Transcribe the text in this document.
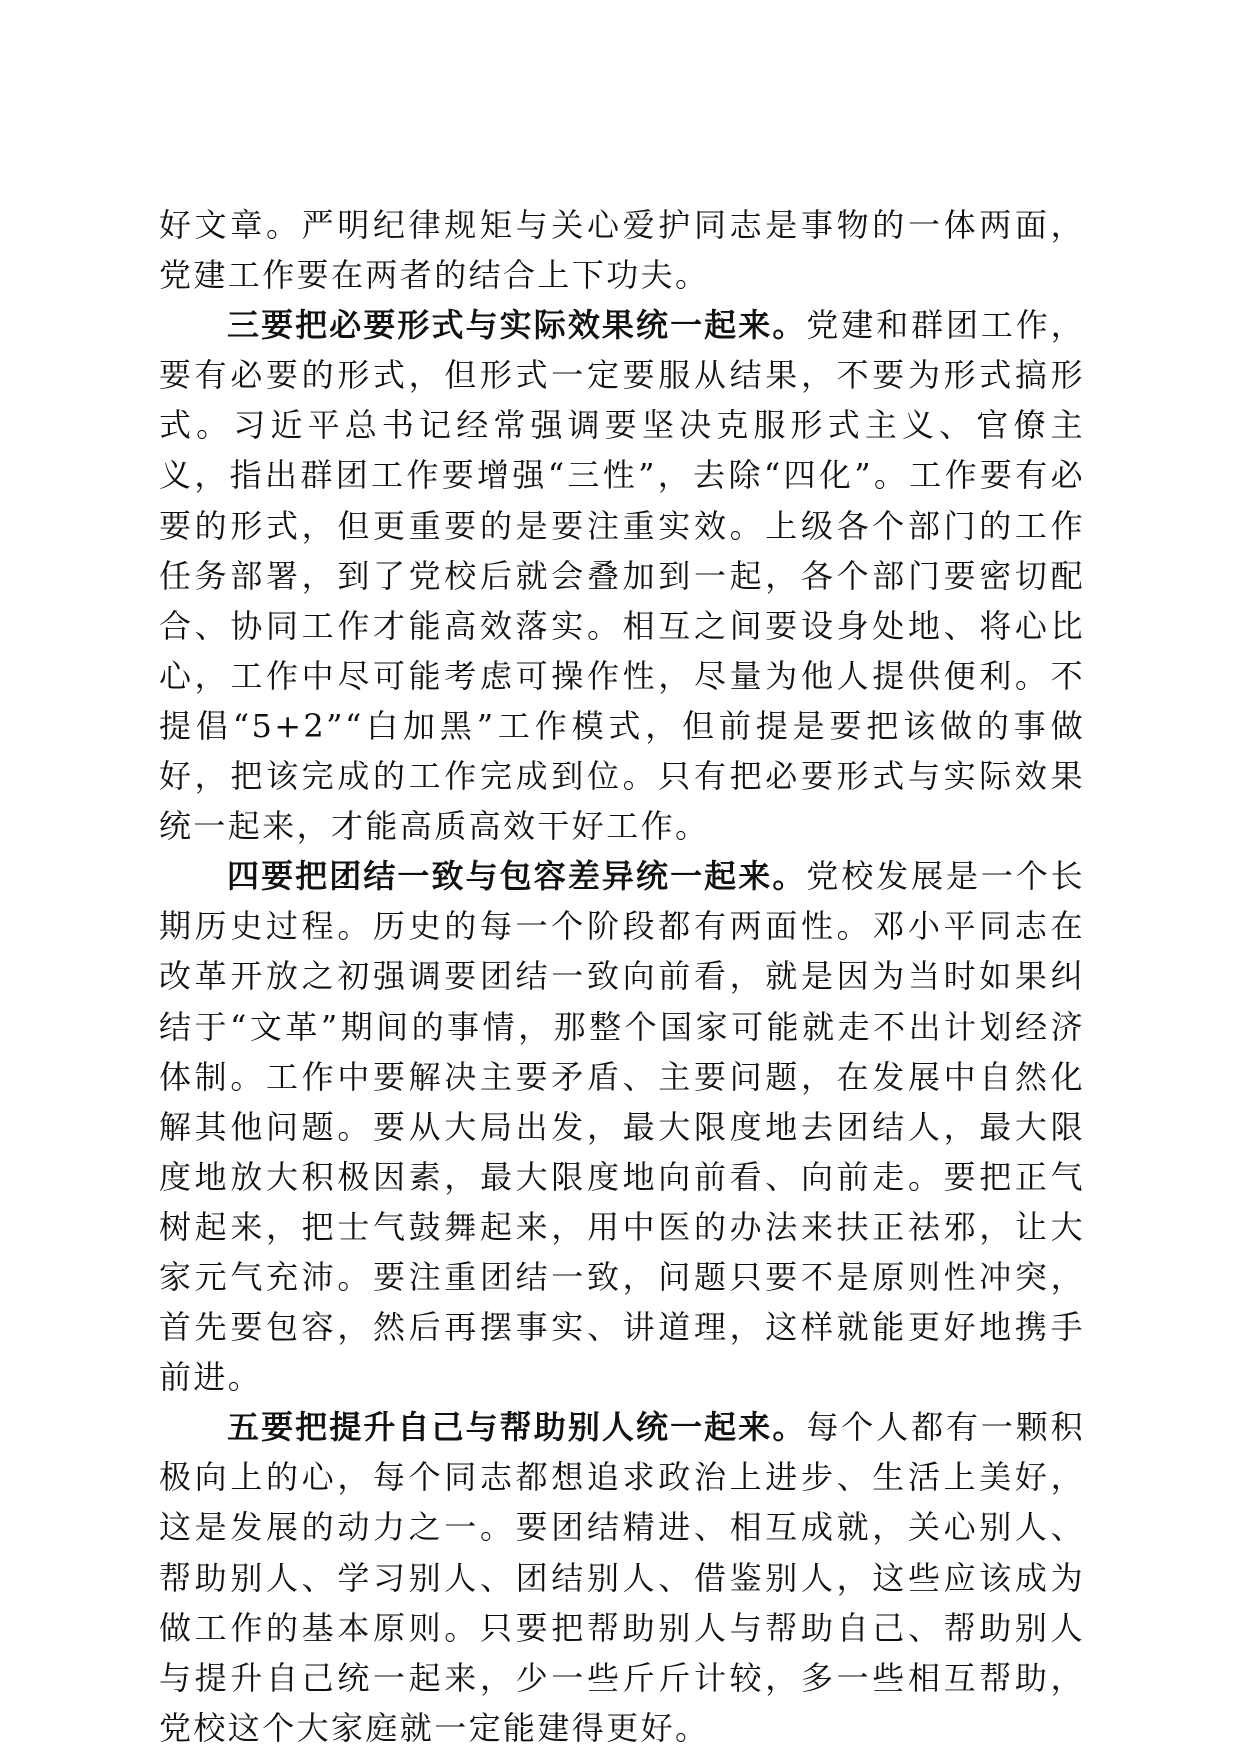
好文章。严明纪律规矩与关心爱护同志是事物的一体两面，党建工作要在两者的结合上下功夫。

三要把必要形式与实际效果统一起来。党建和群团工作，要有必要的形式，但形式一定要服从结果，不要为形式搞形式。习近平总书记经常强调要坚决克服形式主义、官僚主义，指出群团工作要增强“三性”，去除“四化”。工作要有必要的形式，但更重要的是要注重实效。上级各个部门的工作任务部署，到了党校后就会叠加到一起，各个部门要密切配合、协同工作才能高效落实。相互之间要设身处地、将心比心，工作中尽可能考虑可操作性，尽量为他人提供便利。不提倡“5+2”“白加黑”工作模式，但前提是要把该做的事做好，把该完成的工作完成到位。只有把必要形式与实际效果统一起来，才能高质高效干好工作。

四要把团结一致与包容差异统一起来。党校发展是一个长期历史过程。历史的每一个阶段都有两面性。邓小平同志在改革开放之初强调要团结一致向前看，就是因为当时如果纠结于“文革”期间的事情，那整个国家可能就走不出计划经济体制。工作中要解决主要矛盾、主要问题，在发展中自然化解其他问题。要从大局出发，最大限度地去团结人，最大限度地放大积极因素，最大限度地向前看、向前走。要把正气树起来，把士气鼓舞起来，用中医的办法来扶正祛邪，让大家元气充沛。要注重团结一致，问题只要不是原则性冲突，首先要包容，然后再摆事实、讲道理，这样就能更好地携手前进。

五要把提升自己与帮助别人统一起来。每个人都有一颗积极向上的心，每个同志都想追求政治上进步、生活上美好，这是发展的动力之一。要团结精进、相互成就，关心别人、帮助别人、学习别人、团结别人、借鉴别人，这些应该成为做工作的基本原则。只要把帮助别人与帮助自己、帮助别人与提升自己统一起来，少一些斤斤计较，多一些相互帮助，党校这个大家庭就一定能建得更好。
